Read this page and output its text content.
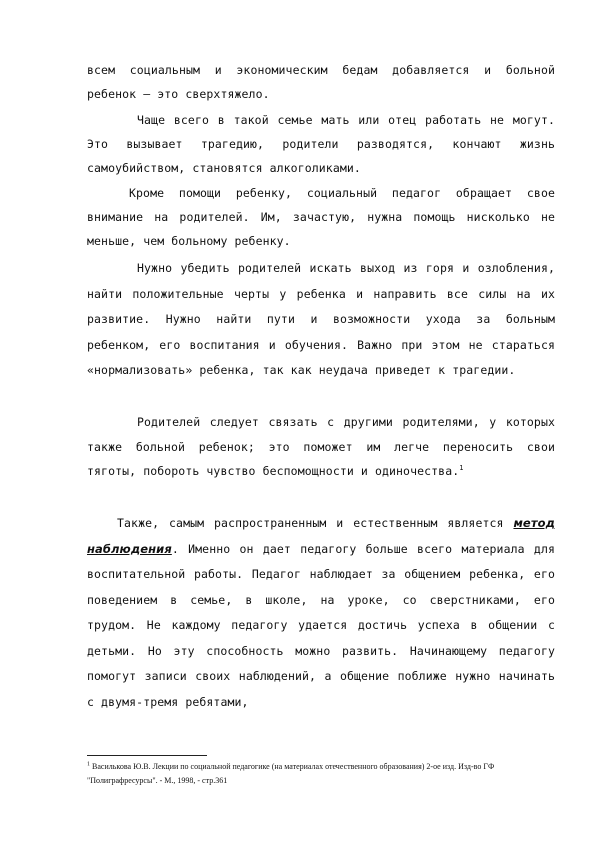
всем социальным и экономическим бедам добавляется и больной ребенок — это сверхтяжело.

Чаще всего в такой семье мать или отец работать не могут. Это вызывает трагедию, родители разводятся, кончают жизнь самоубийством, становятся алкоголиками.

Кроме помощи ребенку, социальный педагог обращает свое внимание на родителей. Им, зачастую, нужна помощь нисколько не меньше, чем больному ребенку.

Нужно убедить родителей искать выход из горя и озлобления, найти положительные черты у ребенка и направить все силы на их развитие. Нужно найти пути и возможности ухода за больным ребенком, его воспитания и обучения. Важно при этом не стараться «нормализовать» ребенка, так как неудача приведет к трагедии.

Родителей следует связать с другими родителями, у которых также больной ребенок; это поможет им легче переносить свои тяготы, побороть чувство беспомощности и одиночества.$^1$

Также, самым распространенным и естественным является метод наблюдения. Именно он дает педагогу больше всего материала для воспитательной работы. Педагог наблюдает за общением ребенка, его поведением в семье, в школе, на уроке, со сверстниками, его трудом. Не каждому педагогу удается достичь успеха в общении с детьми. Но эту способность можно развить. Начинающему педагогу помогут записи своих наблюдений, а общение поближе нужно начинать с двумя-тремя ребятами,

$^1$ Василькова Ю.В. Лекции по социальной педагогике (на материалах отечественного образования) 2-ое изд. Изд-во ГФ "Полиграфресурсы". - М., 1998, - стр.361
